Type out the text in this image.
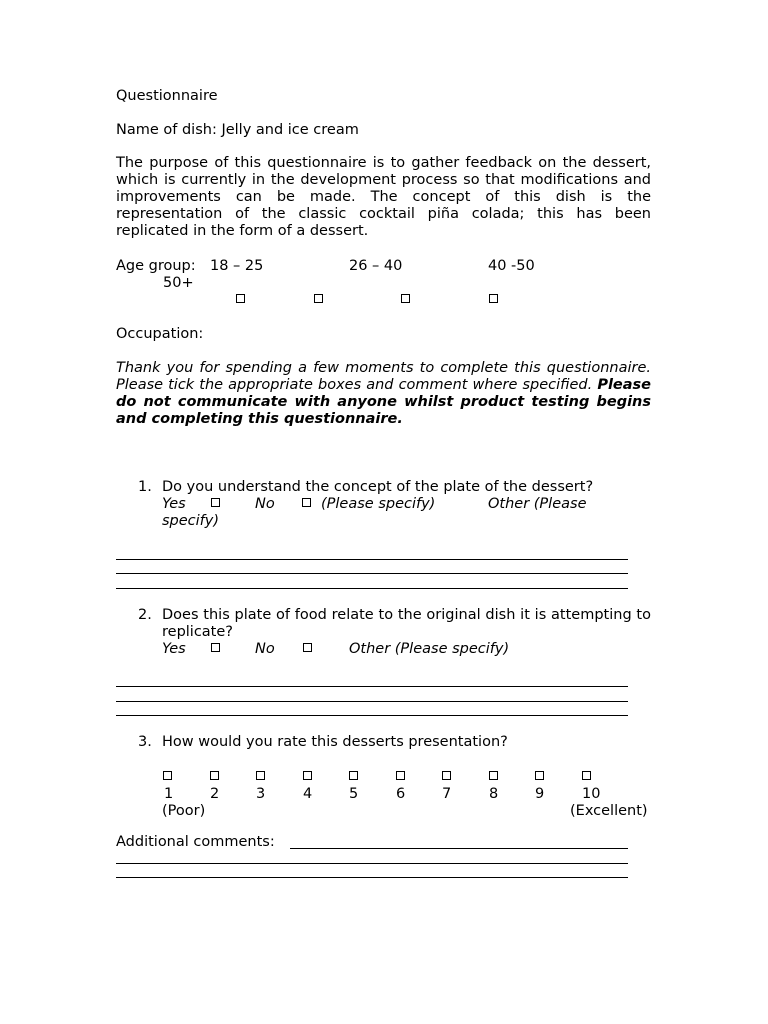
Questionnaire
Name of dish: Jelly and ice cream

The purpose of this questionnaire is to gather feedback on the dessert, which is currently in the development process so that modifications and improvements can be made. The concept of this dish is the representation of the classic cocktail piña colada; this has been replicated in the form of a dessert.

Age group: 18 – 25	26 – 40	40 -50
50+
Occupation:

Thank you for spending a few moments to complete this questionnaire. Please tick the appropriate boxes and comment where specified. Please do not communicate with anyone whilst product testing begins and completing this questionnaire.

1. Do you understand the concept of the plate of the dessert?
Yes	No	(Please specify)	Other (Please
specify)
2. Does this plate of food relate to the original dish it is attempting to replicate?

Yes	No	Other (Please specify)
3. How would you rate this desserts presentation?
1	2	3	4	5	6	7	8	9	10
(Poor)	(Excellent)
Additional comments:
